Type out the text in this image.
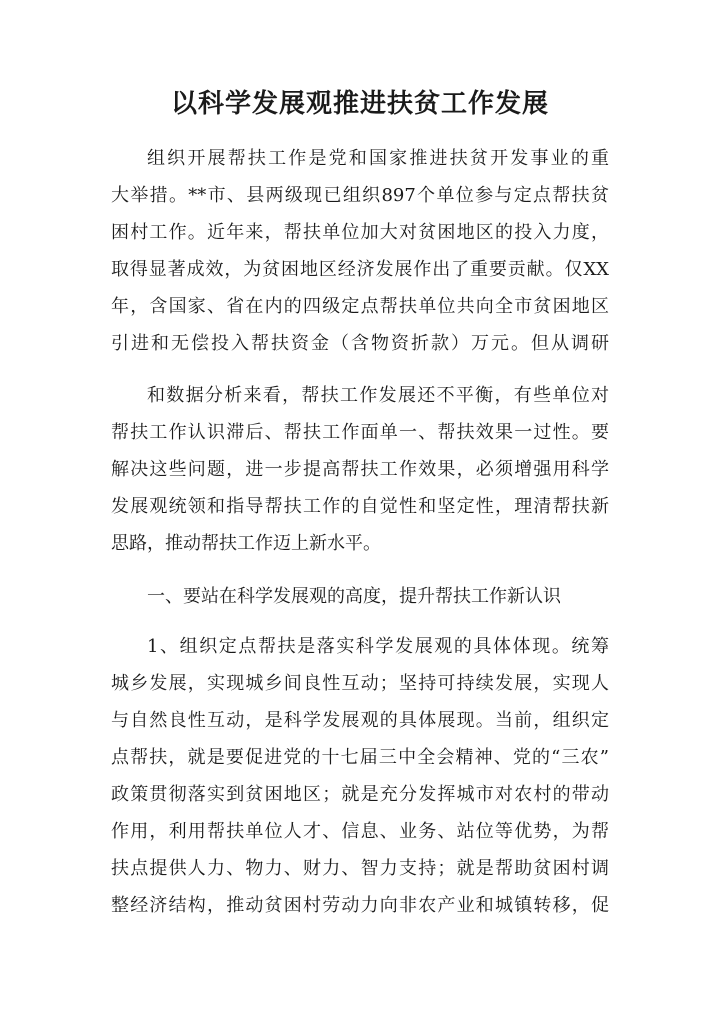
以科学发展观推进扶贫工作发展

组织开展帮扶工作是党和国家推进扶贫开发事业的重

大举措。**市、县两级现已组织897个单位参与定点帮扶贫

困村工作。近年来，帮扶单位加大对贫困地区的投入力度，

取得显著成效，为贫困地区经济发展作出了重要贡献。仅XX

年，含国家、省在内的四级定点帮扶单位共向全市贫困地区

引进和无偿投入帮扶资金（含物资折款）万元。但从调研

和数据分析来看，帮扶工作发展还不平衡，有些单位对

帮扶工作认识滞后、帮扶工作面单一、帮扶效果一过性。要

解决这些问题，进一步提高帮扶工作效果，必须增强用科学

发展观统领和指导帮扶工作的自觉性和坚定性，理清帮扶新

思路，推动帮扶工作迈上新水平。

一、要站在科学发展观的高度，提升帮扶工作新认识

1、组织定点帮扶是落实科学发展观的具体体现。统筹

城乡发展，实现城乡间良性互动；坚持可持续发展，实现人

与自然良性互动，是科学发展观的具体展现。当前，组织定

点帮扶，就是要促进党的十七届三中全会精神、党的“三农”

政策贯彻落实到贫困地区；就是充分发挥城市对农村的带动

作用，利用帮扶单位人才、信息、业务、站位等优势，为帮

扶点提供人力、物力、财力、智力支持；就是帮助贫困村调

整经济结构，推动贫困村劳动力向非农产业和城镇转移，促
